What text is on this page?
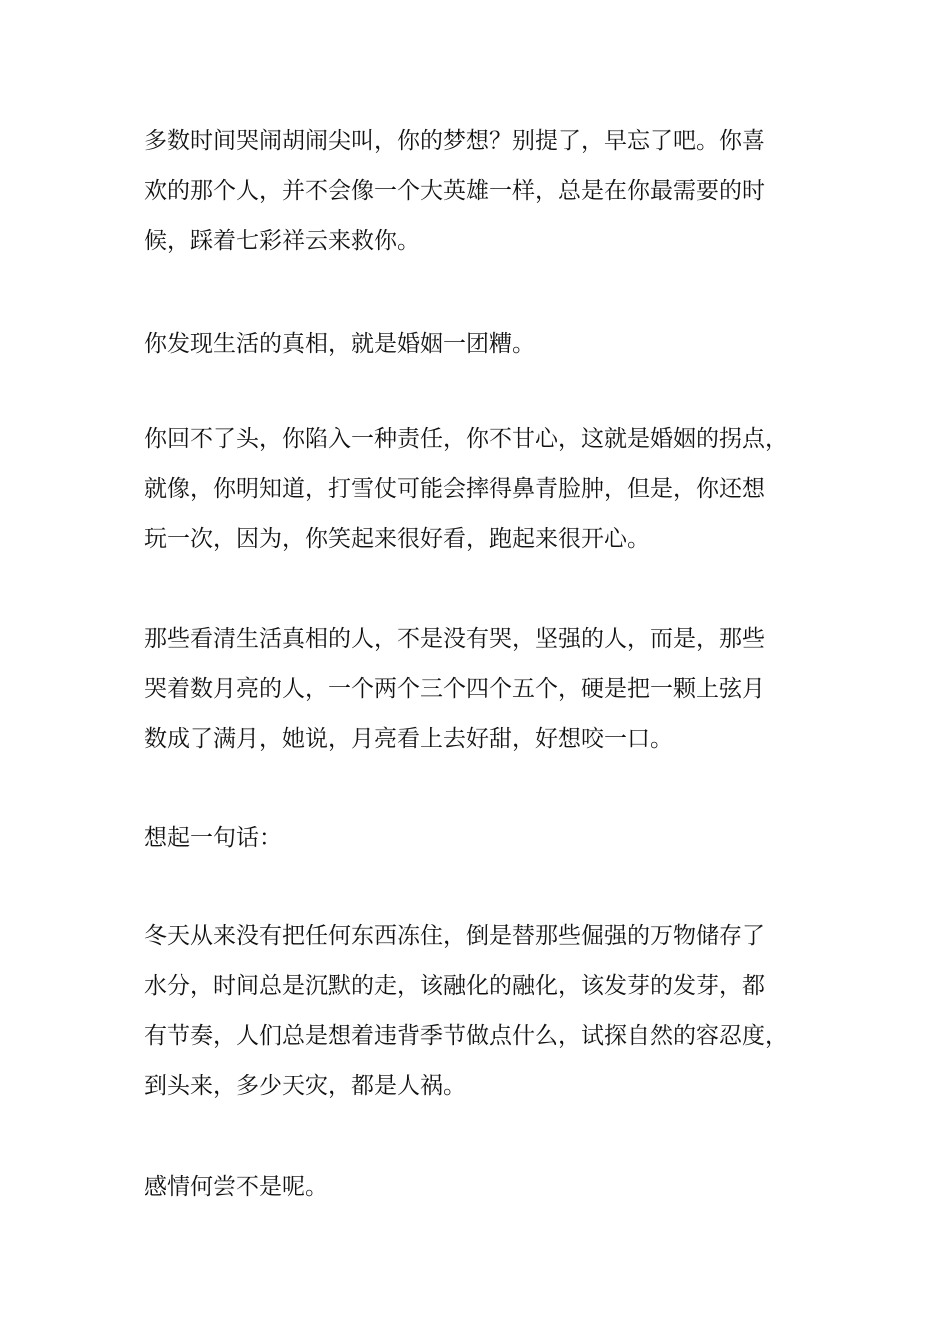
多数时间哭闹胡闹尖叫，你的梦想？别提了，早忘了吧。你喜
欢的那个人，并不会像一个大英雄一样，总是在你最需要的时
候，踩着七彩祥云来救你。

你发现生活的真相，就是婚姻一团糟。

你回不了头，你陷入一种责任，你不甘心，这就是婚姻的拐点，
就像，你明知道，打雪仗可能会摔得鼻青脸肿，但是，你还想
玩一次，因为，你笑起来很好看，跑起来很开心。

那些看清生活真相的人，不是没有哭，坚强的人，而是，那些
哭着数月亮的人，一个两个三个四个五个，硬是把一颗上弦月
数成了满月，她说，月亮看上去好甜，好想咬一口。

想起一句话：

冬天从来没有把任何东西冻住，倒是替那些倔强的万物储存了
水分，时间总是沉默的走，该融化的融化，该发芽的发芽，都
有节奏，人们总是想着违背季节做点什么，试探自然的容忍度，
到头来，多少天灾，都是人祸。

感情何尝不是呢。
